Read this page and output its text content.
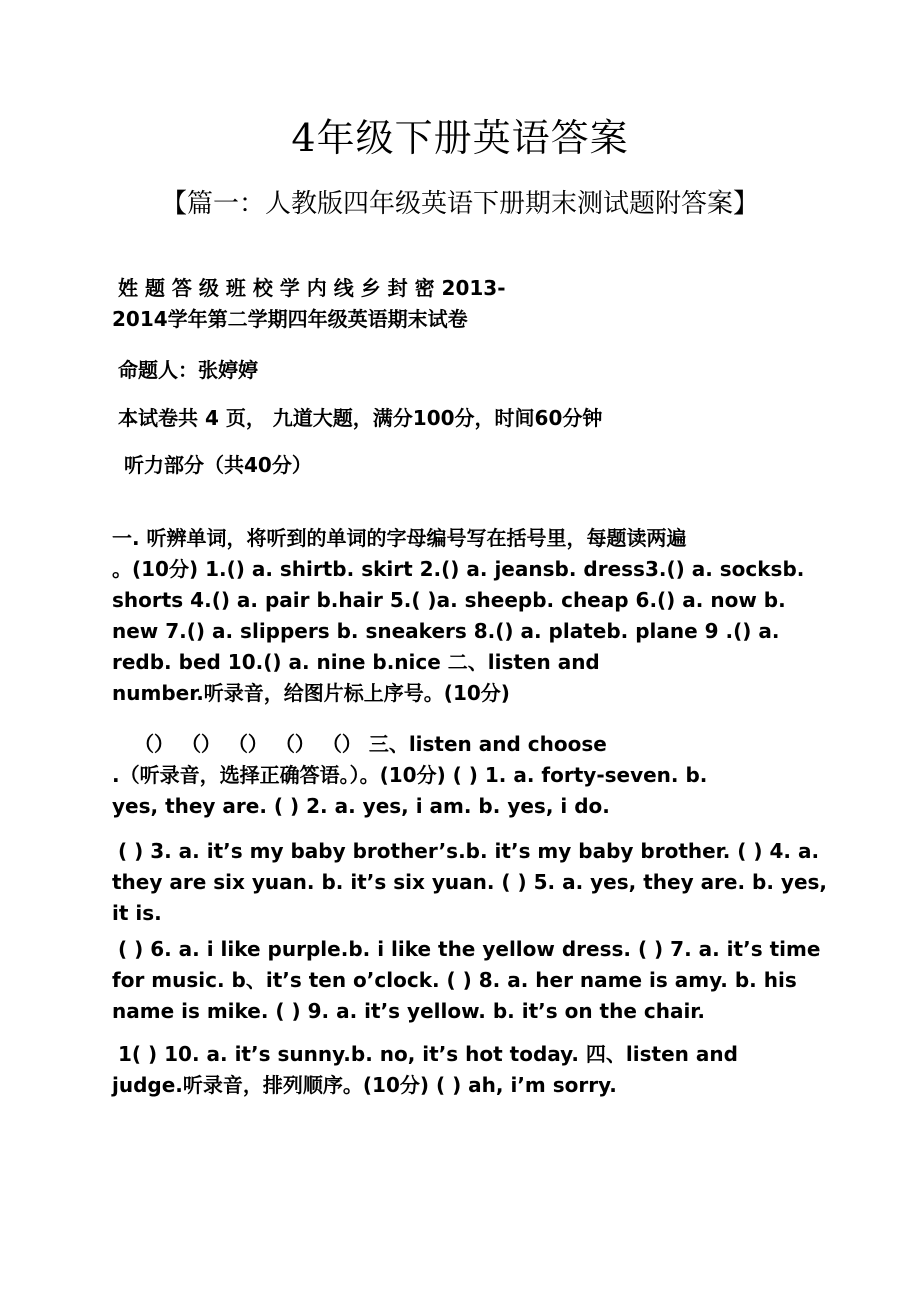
4年级下册英语答案
【篇一：人教版四年级英语下册期末测试题附答案】
姓 题 答 级 班 校 学 内 线 乡 封 密 2013-
2014学年第二学期四年级英语期末试卷
命题人：张婷婷
本试卷共 4 页， 九道大题，满分100分，时间60分钟
听力部分（共40分）
一. 听辨单词，将听到的单词的字母编号写在括号里，每题读两遍
。(10分) 1.() a. shirtb. skirt 2.() a. jeansb. dress3.() a. socksb.
shorts 4.() a. pair b.hair 5.( )a. sheepb. cheap 6.() a. now b.
new 7.() a. slippers b. sneakers 8.() a. plateb. plane 9 .() a.
redb. bed 10.() a. nine b.nice 二、listen and
number.听录音，给图片标上序号。(10分)
（） （） （） （） （） 三、listen and choose
.（听录音，选择正确答语。）。(10分) ( ) 1. a. forty-seven. b.
yes, they are. ( ) 2. a. yes, i am. b. yes, i do.
( ) 3. a. it’s my baby brother’s.b. it’s my baby brother. ( ) 4. a.
they are six yuan. b. it’s six yuan. ( ) 5. a. yes, they are. b. yes,
it is.
( ) 6. a. i like purple.b. i like the yellow dress. ( ) 7. a. it’s time
for music. b、it’s ten o’clock. ( ) 8. a. her name is amy. b. his
name is mike. ( ) 9. a. it’s yellow. b. it’s on the chair.
1( ) 10. a. it’s sunny.b. no, it’s hot today. 四、listen and
judge.听录音，排列顺序。(10分) ( ) ah, i’m sorry.
